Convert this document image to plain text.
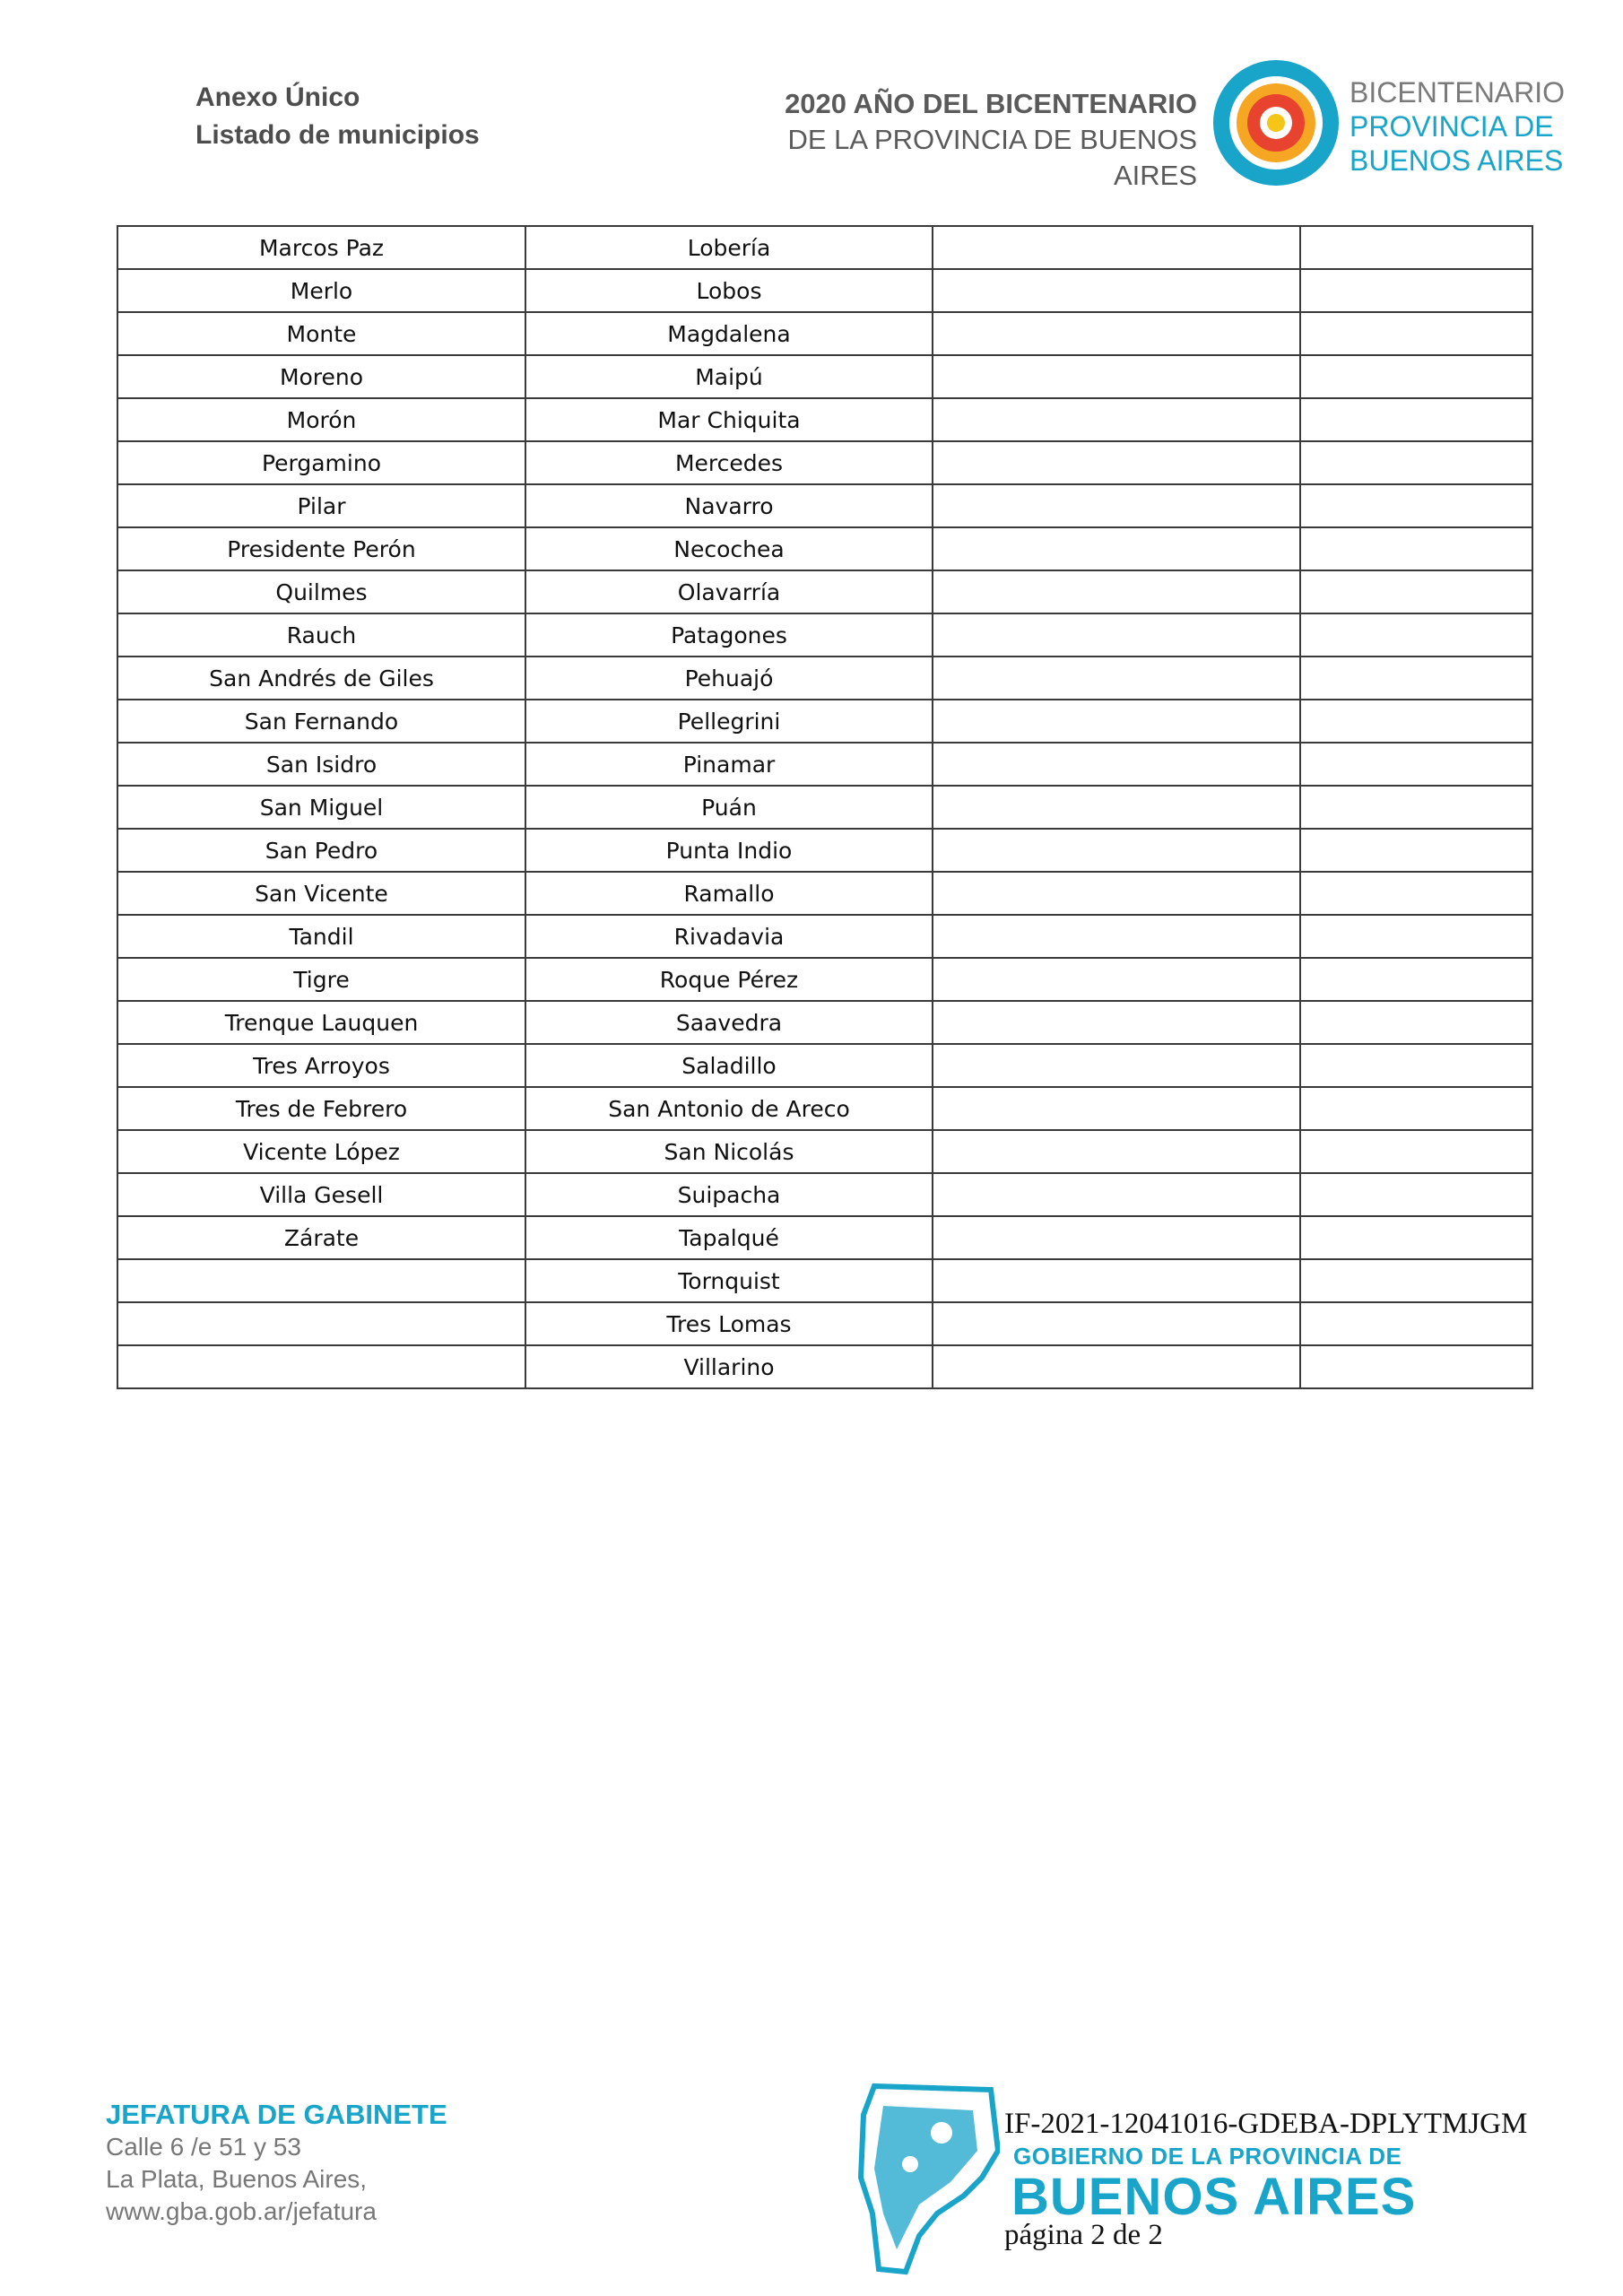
Anexo Único
Listado de municipios
2020 AÑO DEL BICENTENARIO
DE LA PROVINCIA DE BUENOS AIRES
BICENTENARIO
PROVINCIA DE
BUENOS AIRES
Marcos Paz	Lobería		
Merlo	Lobos		
Monte	Magdalena		
Moreno	Maipú		
Morón	Mar Chiquita		
Pergamino	Mercedes		
Pilar	Navarro		
Presidente Perón	Necochea		
Quilmes	Olavarría		
Rauch	Patagones		
San Andrés de Giles	Pehuajó		
San Fernando	Pellegrini		
San Isidro	Pinamar		
San Miguel	Puán		
San Pedro	Punta Indio		
San Vicente	Ramallo		
Tandil	Rivadavia		
Tigre	Roque Pérez		
Trenque Lauquen	Saavedra		
Tres Arroyos	Saladillo		
Tres de Febrero	San Antonio de Areco		
Vicente López	San Nicolás		
Villa Gesell	Suipacha		
Zárate	Tapalqué		
	Tornquist		
	Tres Lomas		
	Villarino		
JEFATURA DE GABINETE
Calle 6 /e 51 y 53
La Plata, Buenos Aires,
www.gba.gob.ar/jefatura
IF-2021-12041016-GDEBA-DPLYTMJGM
GOBIERNO DE LA PROVINCIA DE
BUENOS AIRES
página 2 de 2
